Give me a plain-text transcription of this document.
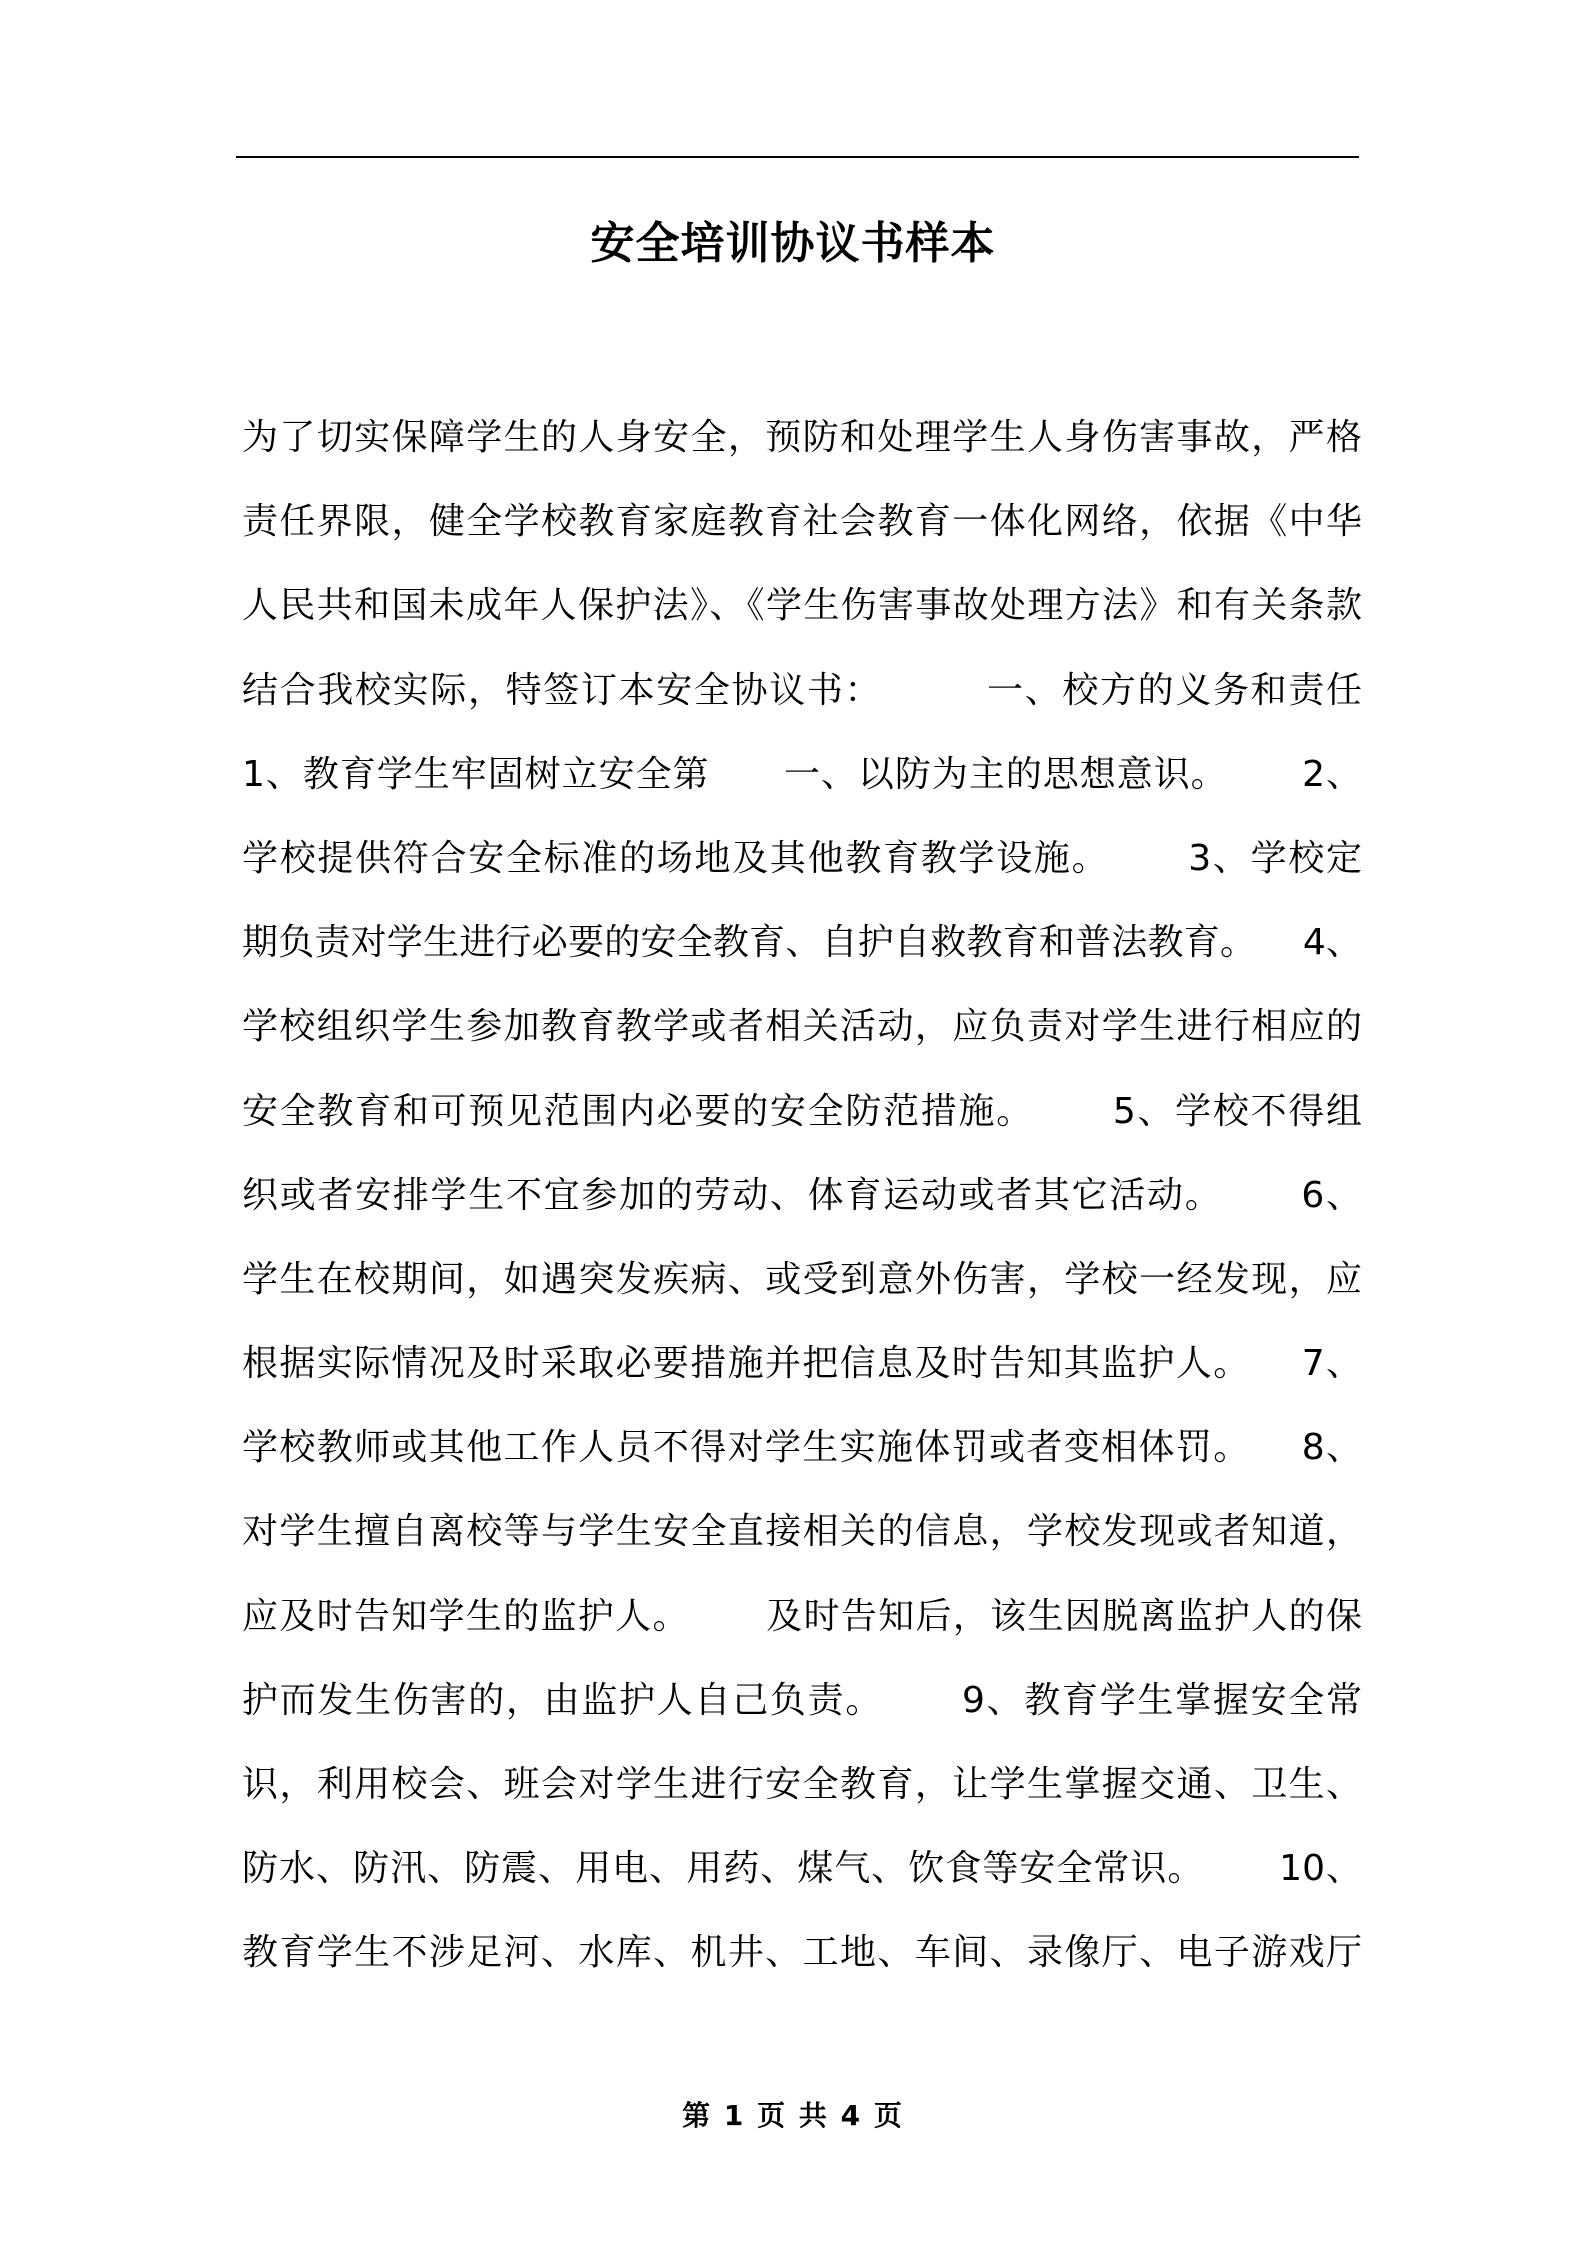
安全培训协议书样本
为了切实保障学生的人身安全，预防和处理学生人身伤害事故，严格
责任界限，健全学校教育家庭教育社会教育一体化网络，依据《中华
人民共和国未成年人保护法》、《学生伤害事故处理方法》和有关条款
结合我校实际，特签订本安全协议书：        一、校方的义务和责任
1、教育学生牢固树立安全第      一、以防为主的思想意识。      2、
学校提供符合安全标准的场地及其他教育教学设施。      3、学校定
期负责对学生进行必要的安全教育、自护自救教育和普法教育。    4、
学校组织学生参加教育教学或者相关活动，应负责对学生进行相应的
安全教育和可预见范围内必要的安全防范措施。      5、学校不得组
织或者安排学生不宜参加的劳动、体育运动或者其它活动。      6、
学生在校期间，如遇突发疾病、或受到意外伤害，学校一经发现，应
根据实际情况及时采取必要措施并把信息及时告知其监护人。    7、
学校教师或其他工作人员不得对学生实施体罚或者变相体罚。    8、
对学生擅自离校等与学生安全直接相关的信息，学校发现或者知道，
应及时告知学生的监护人。      及时告知后，该生因脱离监护人的保
护而发生伤害的，由监护人自己负责。      9、教育学生掌握安全常
识，利用校会、班会对学生进行安全教育，让学生掌握交通、卫生、
防水、防汛、防震、用电、用药、煤气、饮食等安全常识。      10、
教育学生不涉足河、水库、机井、工地、车间、录像厅、电子游戏厅
第 1 页 共 4 页
